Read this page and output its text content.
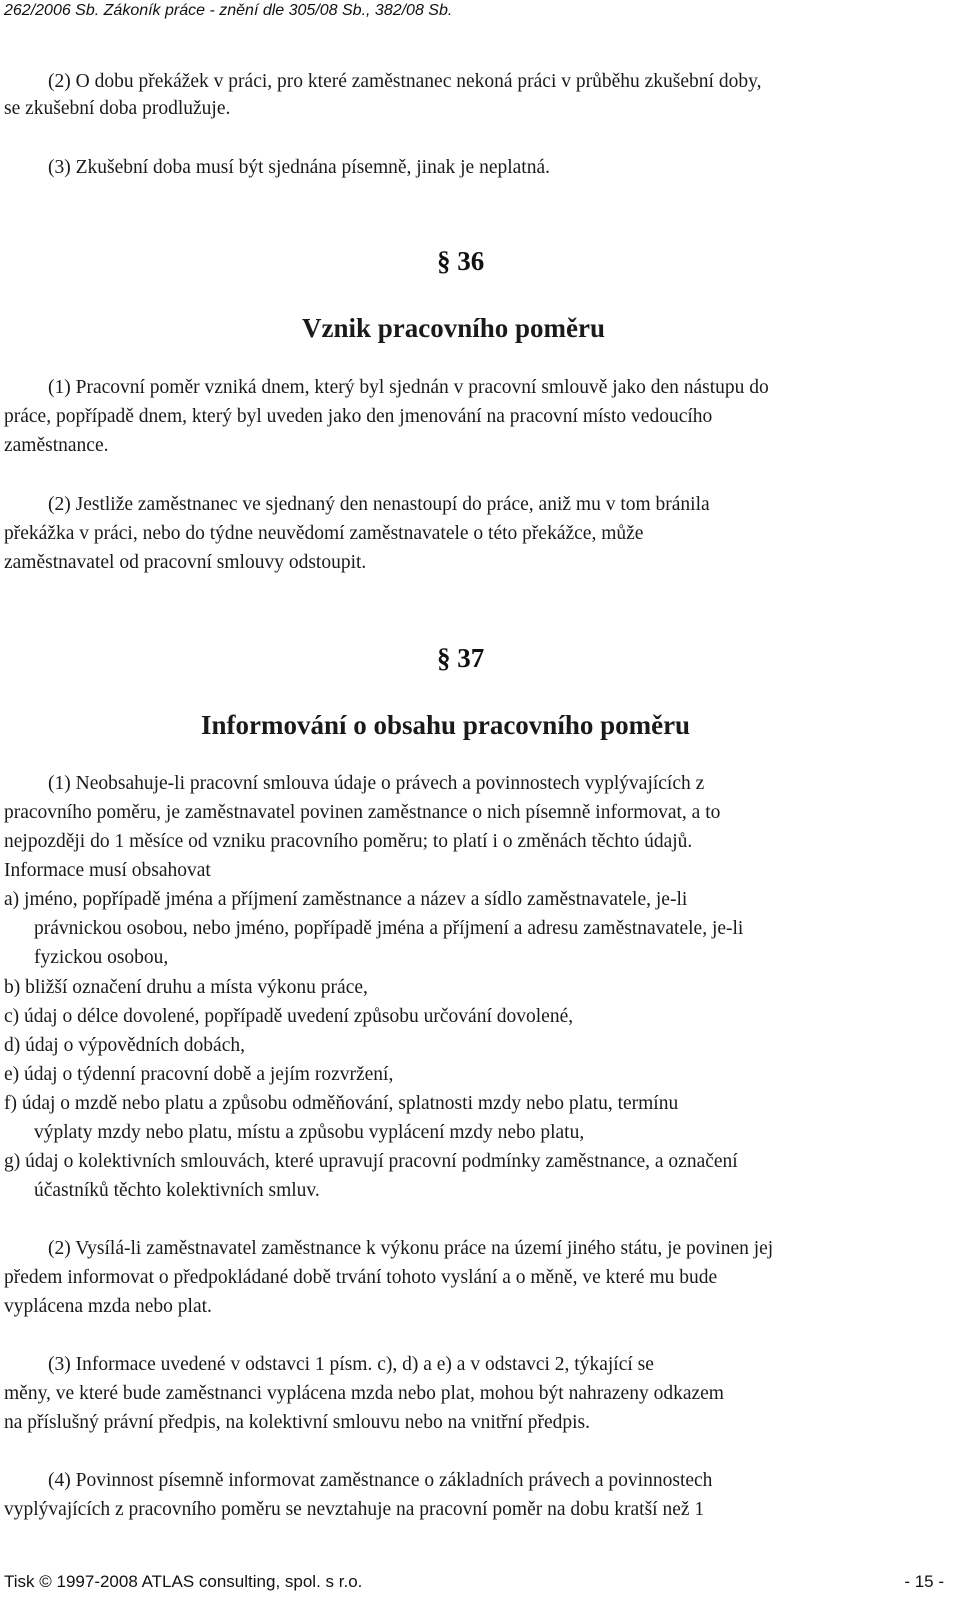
262/2006 Sb. Zákoník práce - znění dle 305/08 Sb., 382/08 Sb.
(2) O dobu překážek v práci, pro které zaměstnanec nekoná práci v průběhu zkušební doby,
se zkušební doba prodlužuje.
(3) Zkušební doba musí být sjednána písemně, jinak je neplatná.
§ 36
Vznik pracovního poměru
(1) Pracovní poměr vzniká dnem, který byl sjednán v pracovní smlouvě jako den nástupu do
práce, popřípadě dnem, který byl uveden jako den jmenování na pracovní místo vedoucího
zaměstnance.
(2) Jestliže zaměstnanec ve sjednaný den nenastoupí do práce, aniž mu v tom bránila
překážka v práci, nebo do týdne neuvědomí zaměstnavatele o této překážce, může
zaměstnavatel od pracovní smlouvy odstoupit.
§ 37
Informování o obsahu pracovního poměru
(1) Neobsahuje-li pracovní smlouva údaje o právech a povinnostech vyplývajících z
pracovního poměru, je zaměstnavatel povinen zaměstnance o nich písemně informovat, a to
nejpozději do 1 měsíce od vzniku pracovního poměru; to platí i o změnách těchto údajů.
Informace musí obsahovat
a) jméno, popřípadě jména a příjmení zaměstnance a název a sídlo zaměstnavatele, je-li
právnickou osobou, nebo jméno, popřípadě jména a příjmení a adresu zaměstnavatele, je-li
fyzickou osobou,
b) bližší označení druhu a místa výkonu práce,
c) údaj o délce dovolené, popřípadě uvedení způsobu určování dovolené,
d) údaj o výpovědních dobách,
e) údaj o týdenní pracovní době a jejím rozvržení,
f) údaj o mzdě nebo platu a způsobu odměňování, splatnosti mzdy nebo platu, termínu
výplaty mzdy nebo platu, místu a způsobu vyplácení mzdy nebo platu,
g) údaj o kolektivních smlouvách, které upravují pracovní podmínky zaměstnance, a označení
účastníků těchto kolektivních smluv.
(2) Vysílá-li zaměstnavatel zaměstnance k výkonu práce na území jiného státu, je povinen jej
předem informovat o předpokládané době trvání tohoto vyslání a o měně, ve které mu bude
vyplácena mzda nebo plat.
(3) Informace uvedené v odstavci 1 písm. c), d) a e) a v odstavci 2, týkající se
měny, ve které bude zaměstnanci vyplácena mzda nebo plat, mohou být nahrazeny odkazem
na příslušný právní předpis, na kolektivní smlouvu nebo na vnitřní předpis.
(4) Povinnost písemně informovat zaměstnance o základních právech a povinnostech
vyplývajících z pracovního poměru se nevztahuje na pracovní poměr na dobu kratší než 1
Tisk © 1997-2008 ATLAS consulting, spol. s r.o.	- 15 -
